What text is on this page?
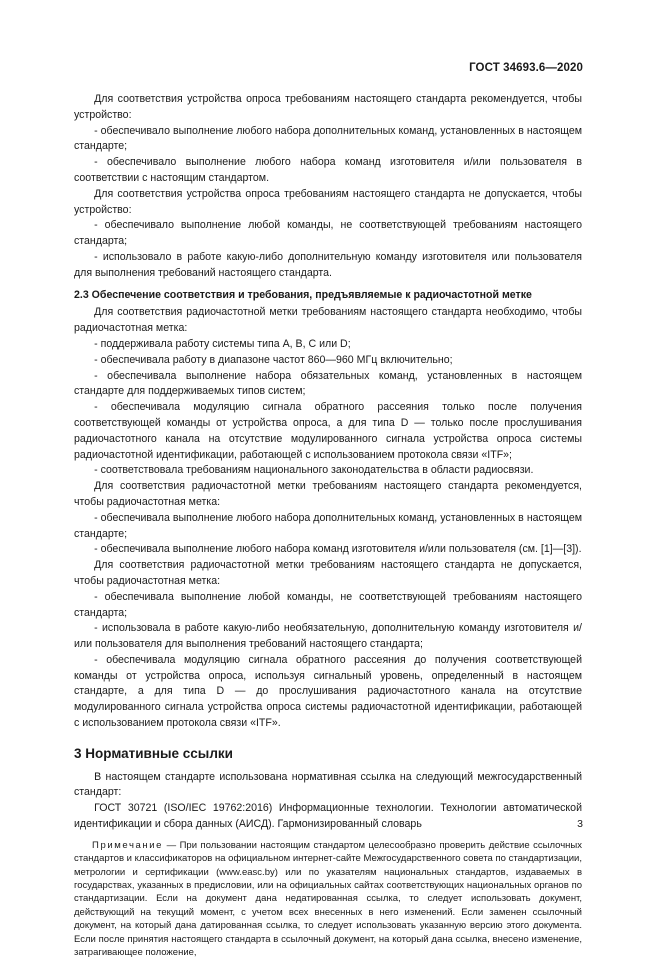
ГОСТ 34693.6—2020

Для соответствия устройства опроса требованиям настоящего стандарта рекомендуется, чтобы устройство:

- обеспечивало выполнение любого набора дополнительных команд, установленных в настоящем стандарте;

- обеспечивало выполнение любого набора команд изготовителя и/или пользователя в соответствии с настоящим стандартом.

Для соответствия устройства опроса требованиям настоящего стандарта не допускается, чтобы устройство:

- обеспечивало выполнение любой команды, не соответствующей требованиям настоящего стандарта;

- использовало в работе какую-либо дополнительную команду изготовителя или пользователя для выполнения требований настоящего стандарта.

2.3 Обеспечение соответствия и требования, предъявляемые к радиочастотной метке

Для соответствия радиочастотной метки требованиям настоящего стандарта необходимо, чтобы радиочастотная метка:

- поддерживала работу системы типа А, В, С или D;

- обеспечивала работу в диапазоне частот 860—960 МГц включительно;

- обеспечивала выполнение набора обязательных команд, установленных в настоящем стандарте для поддерживаемых типов систем;

- обеспечивала модуляцию сигнала обратного рассеяния только после получения соответствующей команды от устройства опроса, а для типа D — только после прослушивания радиочастотного канала на отсутствие модулированного сигнала устройства опроса системы радиочастотной идентификации, работающей с использованием протокола связи «ITF»;

- соответствовала требованиям национального законодательства в области радиосвязи.

Для соответствия радиочастотной метки требованиям настоящего стандарта рекомендуется, чтобы радиочастотная метка:

- обеспечивала выполнение любого набора дополнительных команд, установленных в настоящем стандарте;

- обеспечивала выполнение любого набора команд изготовителя и/или пользователя (см. [1]—[3]).

Для соответствия радиочастотной метки требованиям настоящего стандарта не допускается, чтобы радиочастотная метка:

- обеспечивала выполнение любой команды, не соответствующей требованиям настоящего стандарта;

- использовала в работе какую-либо необязательную, дополнительную команду изготовителя и/или пользователя для выполнения требований настоящего стандарта;

- обеспечивала модуляцию сигнала обратного рассеяния до получения соответствующей команды от устройства опроса, используя сигнальный уровень, определенный в настоящем стандарте, а для типа D — до прослушивания радиочастотного канала на отсутствие модулированного сигнала устройства опроса системы радиочастотной идентификации, работающей с использованием протокола связи «ITF».

3 Нормативные ссылки

В настоящем стандарте использована нормативная ссылка на следующий межгосударственный стандарт:

ГОСТ 30721 (ISO/IEC 19762:2016) Информационные технологии. Технологии автоматической идентификации и сбора данных (АИСД). Гармонизированный словарь

Примечание — При пользовании настоящим стандартом целесообразно проверить действие ссылочных стандартов и классификаторов на официальном интернет-сайте Межгосударственного совета по стандартизации, метрологии и сертификации (www.easc.by) или по указателям национальных стандартов, издаваемых в государствах, указанных в предисловии, или на официальных сайтах соответствующих национальных органов по стандартизации. Если на документ дана недатированная ссылка, то следует использовать документ, действующий на текущий момент, с учетом всех внесенных в него изменений. Если заменен ссылочный документ, на который дана датированная ссылка, то следует использовать указанную версию этого документа. Если после принятия настоящего стандарта в ссылочный документ, на который дана ссылка, внесено изменение, затрагивающее положение,
3
